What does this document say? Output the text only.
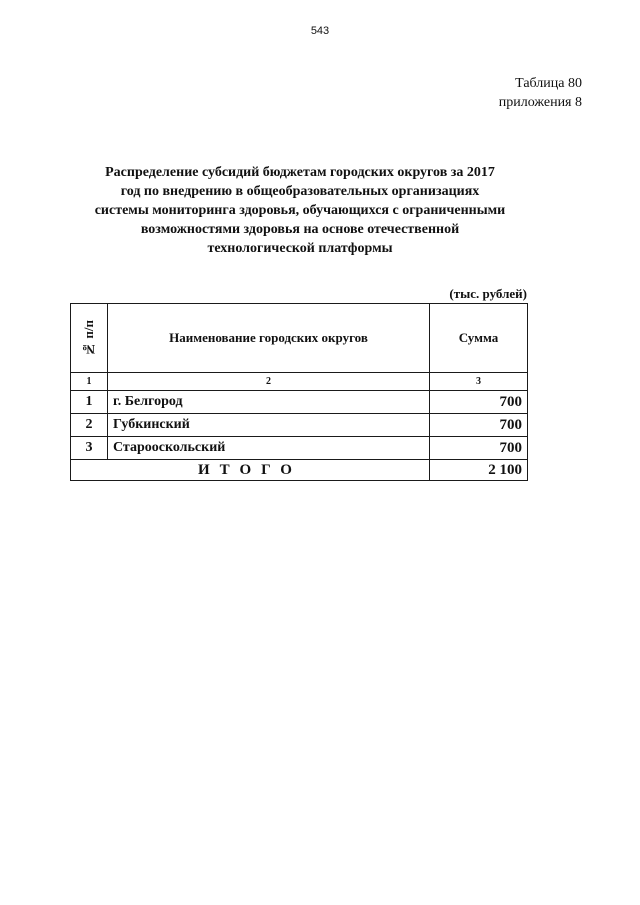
543
Таблица 80
приложения 8
Распределение субсидий бюджетам городских округов за 2017
год по внедрению в общеобразовательных организациях
системы мониторинга здоровья, обучающихся с ограниченными
возможностями здоровья на основе отечественной
технологической платформы
(тыс. рублей)
№ п/п	Наименование городских округов	Сумма
1	2	3
1	г. Белгород	700
2	Губкинский	700
3	Старооскольский	700
ИТОГО		2 100
